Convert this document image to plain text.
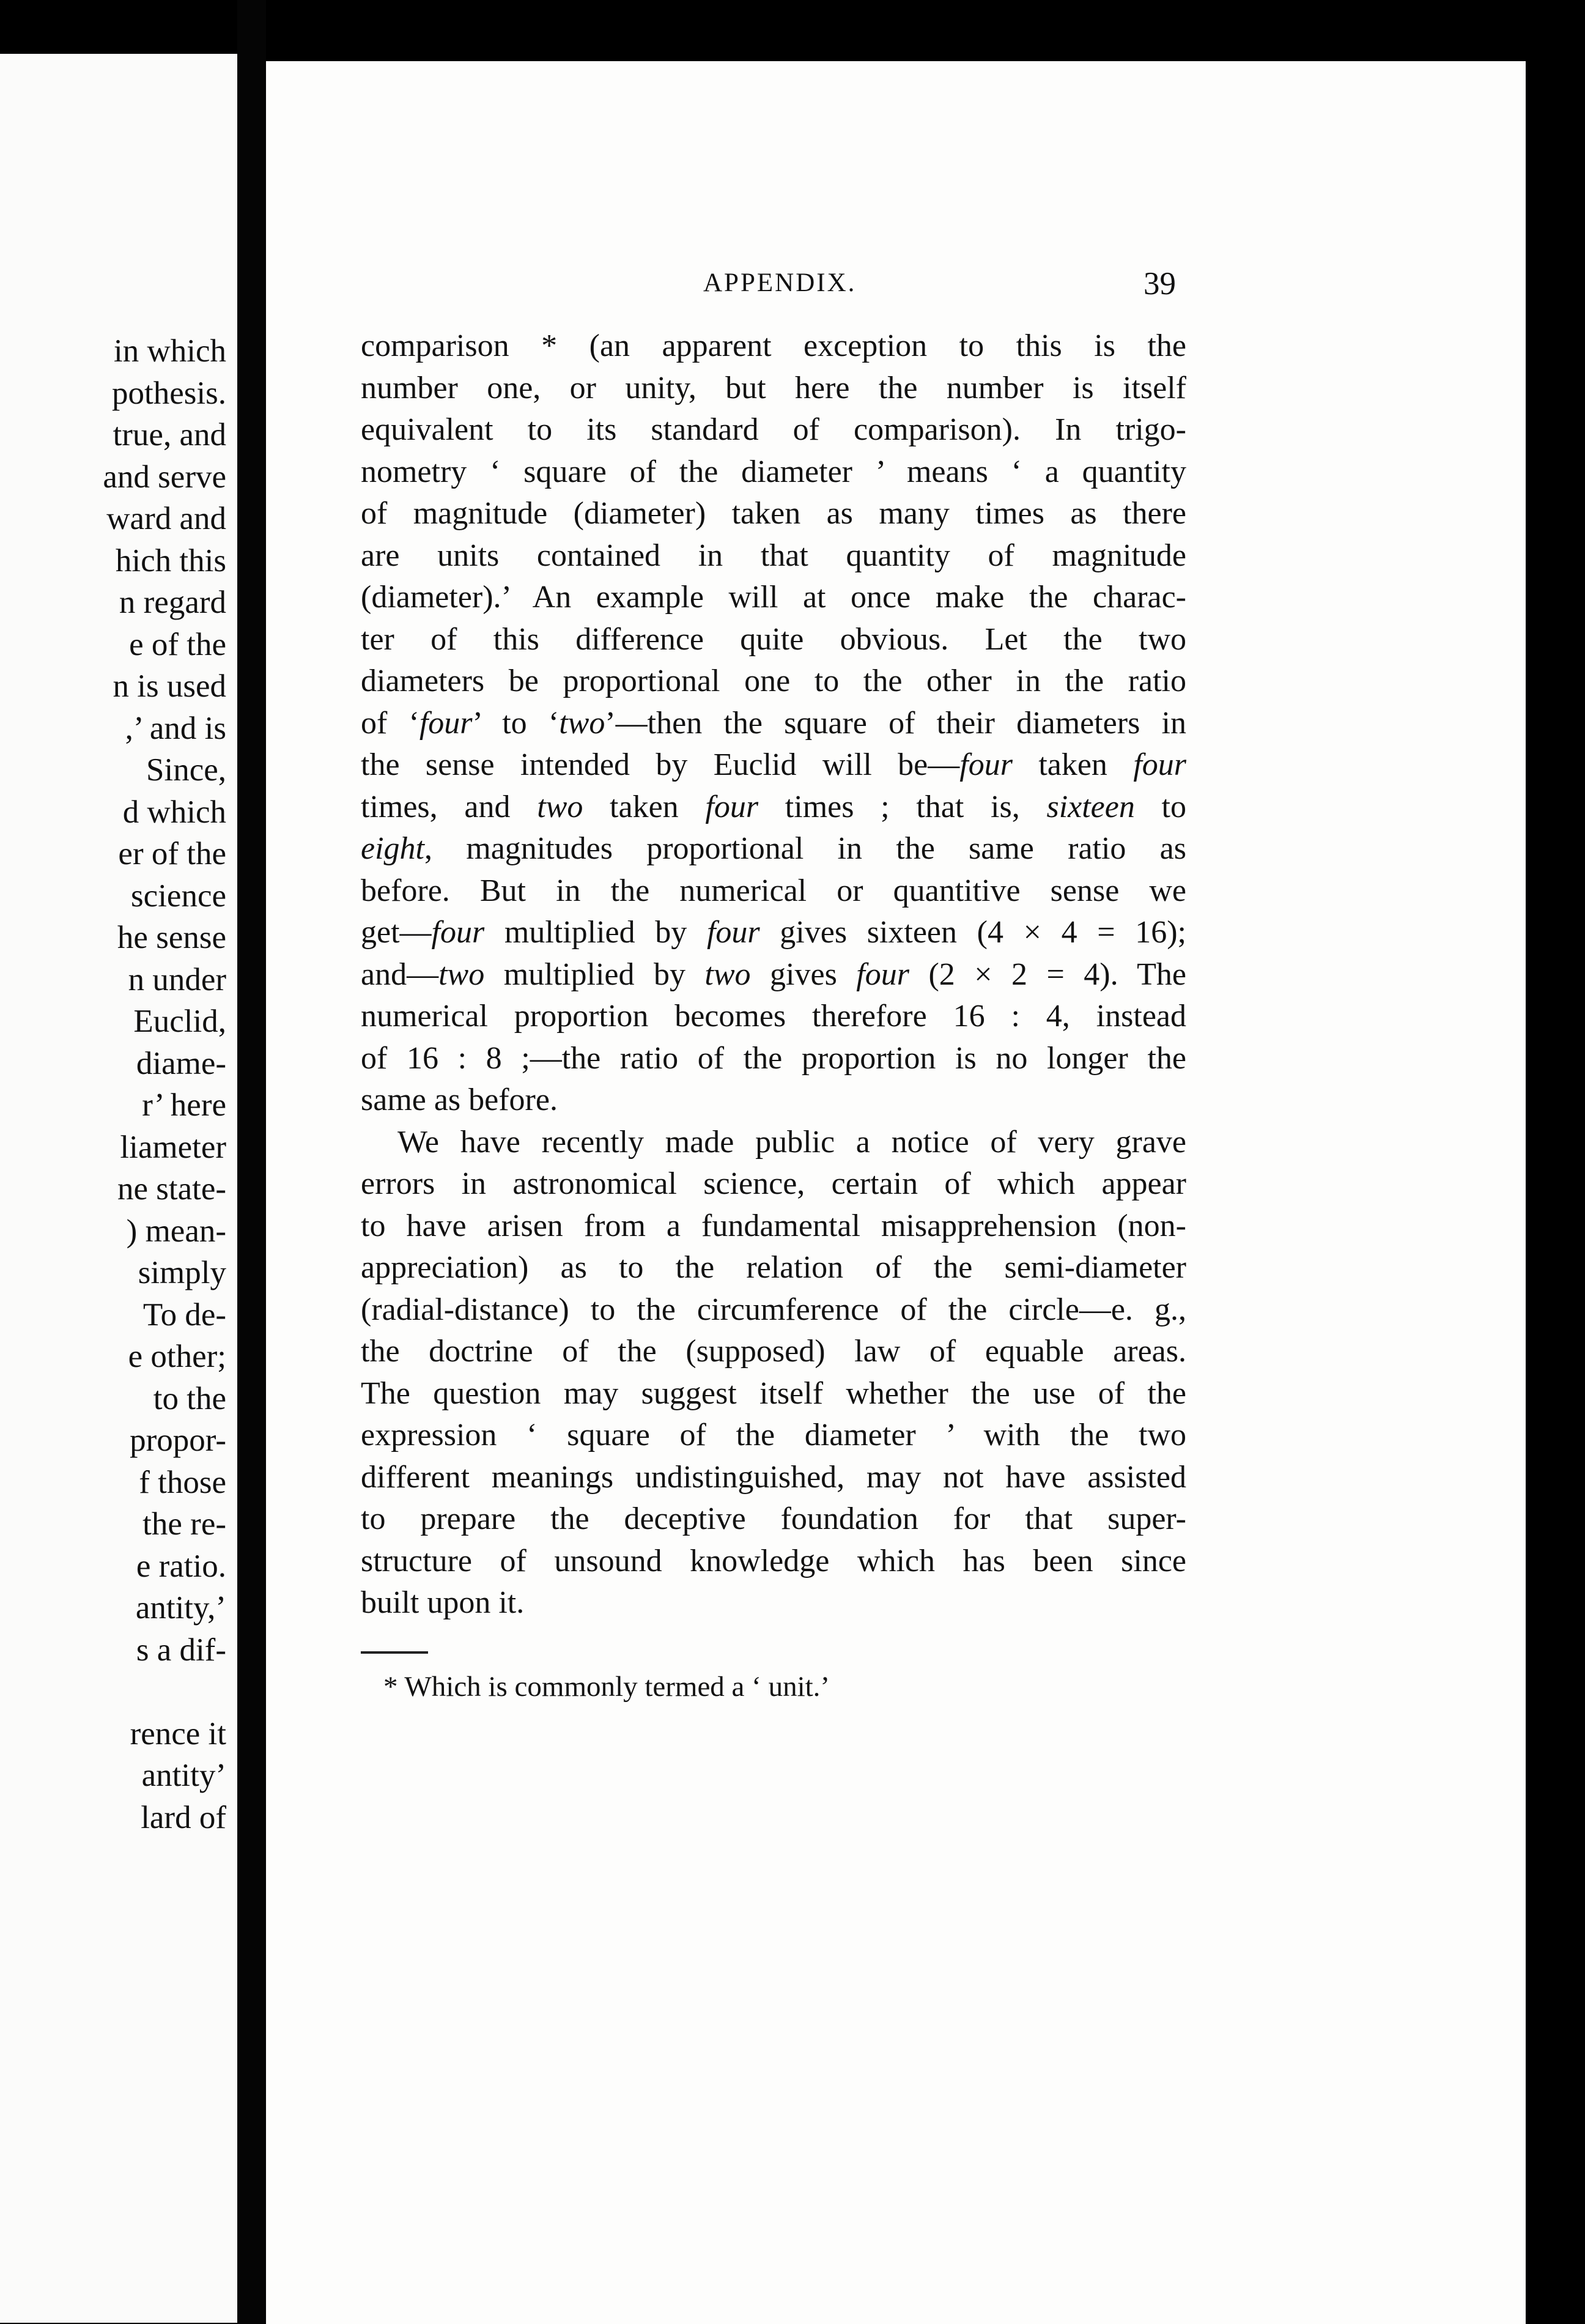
in which
pothesis.
true, and
and serve
ward and
hich this
n regard
e of the
n is used
,’ and is
Since,
d which
er of the
science
he sense
n under
Euclid,
diame-
r’ here
liameter
ne state-
) mean-
simply
To de-
e other;
to the
propor-
f those
the re-
e ratio.
antity,’
s a dif-
rence it
antity’
lard of
APPENDIX.	39
comparison * (an apparent exception to this is the
number one, or unity, but here the number is itself
equivalent to its standard of comparison). In trigo-
nometry ‘ square of the diameter ’ means ‘ a quantity
of magnitude (diameter) taken as many times as there
are units contained in that quantity of magnitude
(diameter).’ An example will at once make the charac-
ter of this difference quite obvious. Let the two
diameters be proportional one to the other in the ratio
of ‘four’ to ‘two’—then the square of their diameters in
the sense intended by Euclid will be—four taken four
times, and two taken four times ; that is, sixteen to
eight, magnitudes proportional in the same ratio as
before. But in the numerical or quantitive sense we
get—four multiplied by four gives sixteen (4 × 4 = 16);
and—two multiplied by two gives four (2 × 2 = 4). The
numerical proportion becomes therefore 16 : 4, instead
of 16 : 8 ;—the ratio of the proportion is no longer the
same as before.
We have recently made public a notice of very grave
errors in astronomical science, certain of which appear
to have arisen from a fundamental misapprehension (non-
appreciation) as to the relation of the semi-diameter
(radial-distance) to the circumference of the circle—e. g.,
the doctrine of the (supposed) law of equable areas.
The question may suggest itself whether the use of the
expression ‘ square of the diameter ’ with the two
different meanings undistinguished, may not have assisted
to prepare the deceptive foundation for that super-
structure of unsound knowledge which has been since
built upon it.
* Which is commonly termed a ‘ unit.’
